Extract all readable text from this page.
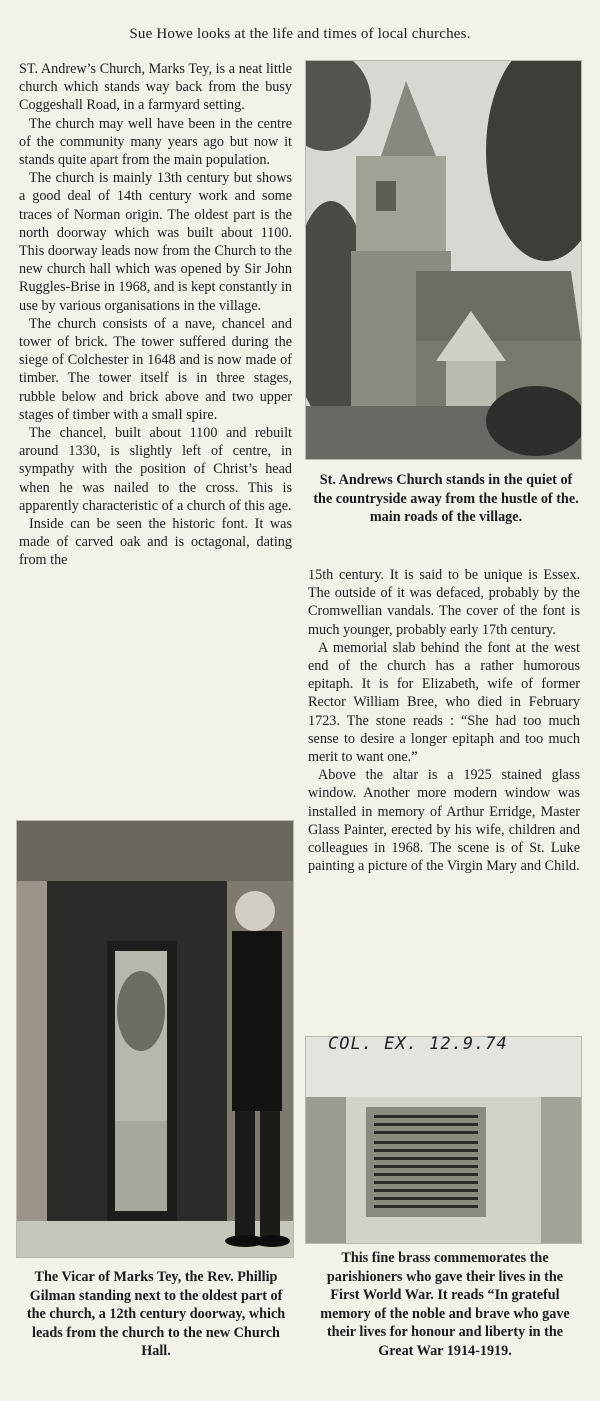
Sue Howe looks at the life and times of local churches.

ST. Andrew’s Church, Marks Tey, is a neat little church which stands way back from the busy Coggeshall Road, in a farmyard setting.

The church may well have been in the centre of the community many years ago but now it stands quite apart from the main population.

The church is mainly 13th century but shows a good deal of 14th century work and some traces of Norman origin. The oldest part is the north doorway which was built about 1100. This doorway leads now from the Church to the new church hall which was opened by Sir John Ruggles-Brise in 1968, and is kept constantly in use by various organisations in the village.

The church consists of a nave, chancel and tower of brick. The tower suffered during the siege of Colchester in 1648 and is now made of timber. The tower itself is in three stages, rubble below and brick above and two upper stages of timber with a small spire.

The chancel, built about 1100 and rebuilt around 1330, is slightly left of centre, in sympathy with the position of Christ’s head when he was nailed to the cross. This is apparently characteristic of a church of this age.

Inside can be seen the historic font. It was made of carved oak and is octagonal, dating from the

St. Andrews Church stands in the quiet of the countryside away from the hustle of the. main roads of the village.

15th century. It is said to be unique is Essex. The outside of it was defaced, probably by the Cromwellian vandals. The cover of the font is much younger, probably early 17th century.

A memorial slab behind the font at the west end of the church has a rather humorous epitaph. It is for Elizabeth, wife of former Rector William Bree, who died in February 1723. The stone reads : “She had too much sense to desire a longer epitaph and too much merit to want one.”

Above the altar is a 1925 stained glass window. Another more modern window was installed in memory of Arthur Erridge, Master Glass Painter, erected by his wife, children and colleagues in 1968. The scene is of St. Luke painting a picture of the Virgin Mary and Child.

The Vicar of Marks Tey, the Rev. Phillip Gilman standing next to the oldest part of the church, a 12th century doorway, which leads from the church to the new Church Hall.
COL. EX. 12.9.74
This fine brass commemorates the parishioners who gave their lives in the First World War. It reads “In grateful memory of the noble and brave who gave their lives for honour and liberty in the Great War 1914-1919.
